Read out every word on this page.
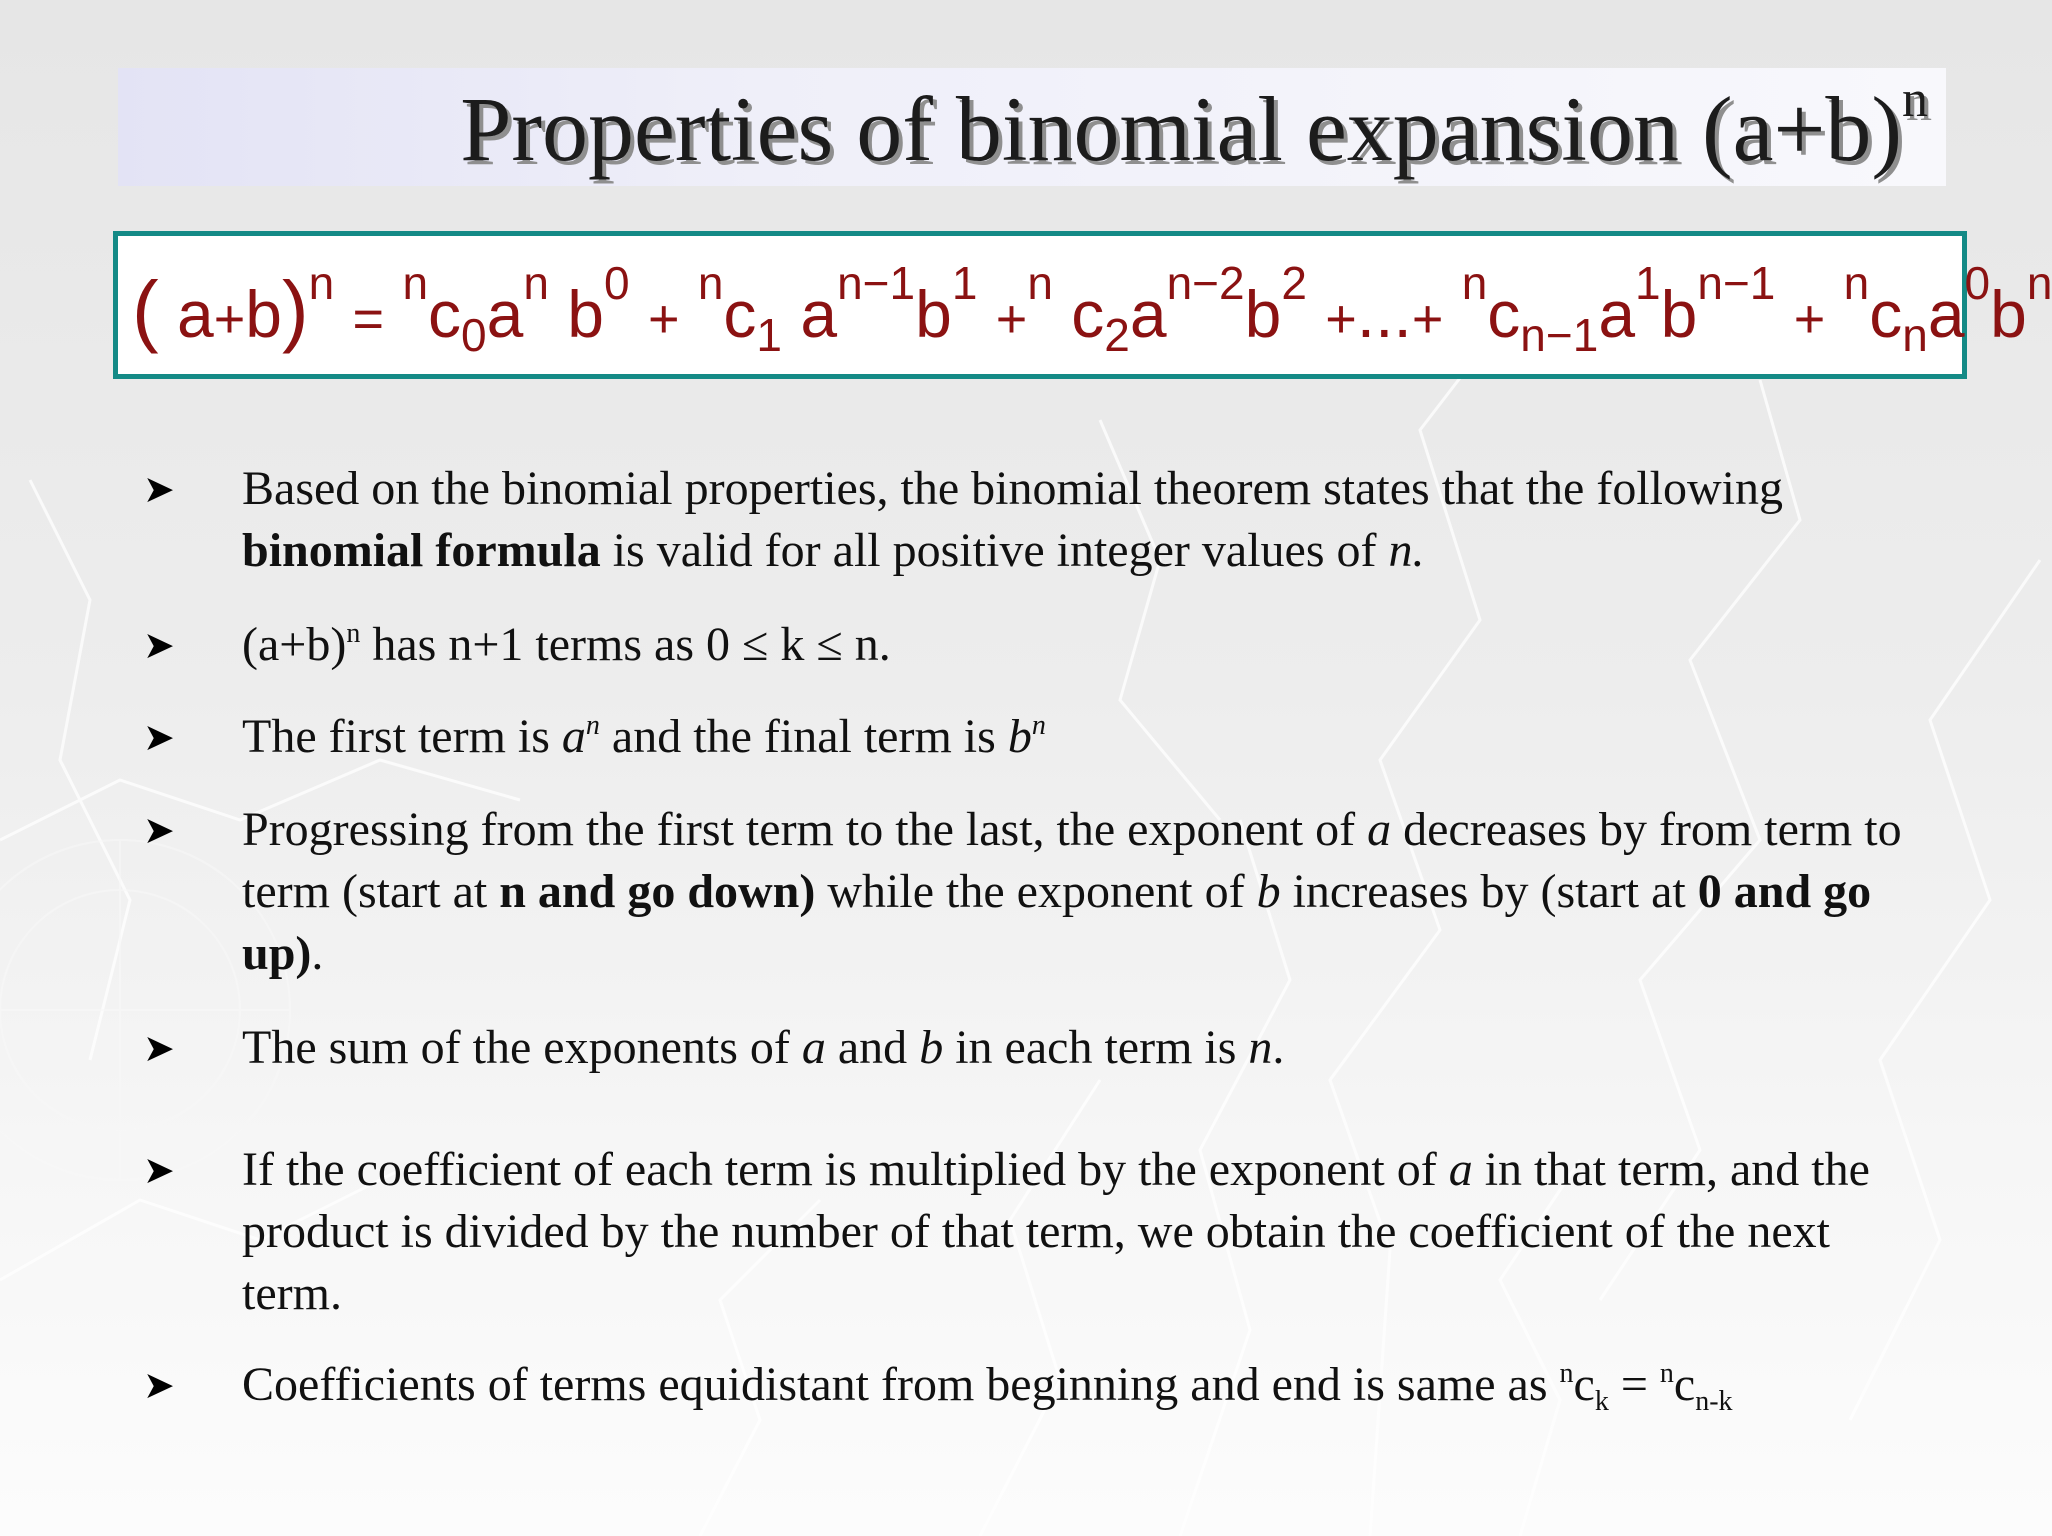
Properties of binomial expansion $(a+b)^n$
( $a+b)^n = ^nc_0a^n$ $b^0 + ^nc_1$ $a^{n-1}b^1 +^n$ $c_2a^{n-2}b^2$ +...+ $^nc_{n-1}a^1b^{n-1} + ^nc_na^0b^n$
➤ Based on the binomial properties, the binomial theorem states that the following binomial formula is valid for all positive integer values of n.
➤ $(a+b)^n$ has n+1 terms as 0 ≤ k ≤ n.
➤ The first term is $a^n$ and the final term is $b^n$
➤ Progressing from the first term to the last, the exponent of a decreases by from term to term (start at n and go down) while the exponent of b increases by (start at 0 and go up).
➤ The sum of the exponents of a and b in each term is n.
➤ If the coefficient of each term is multiplied by the exponent of a in that term, and the product is divided by the number of that term, we obtain the coefficient of the next term.
➤ Coefficients of terms equidistant from beginning and end is same as $^nc_k = ^nc_{n-k}$
